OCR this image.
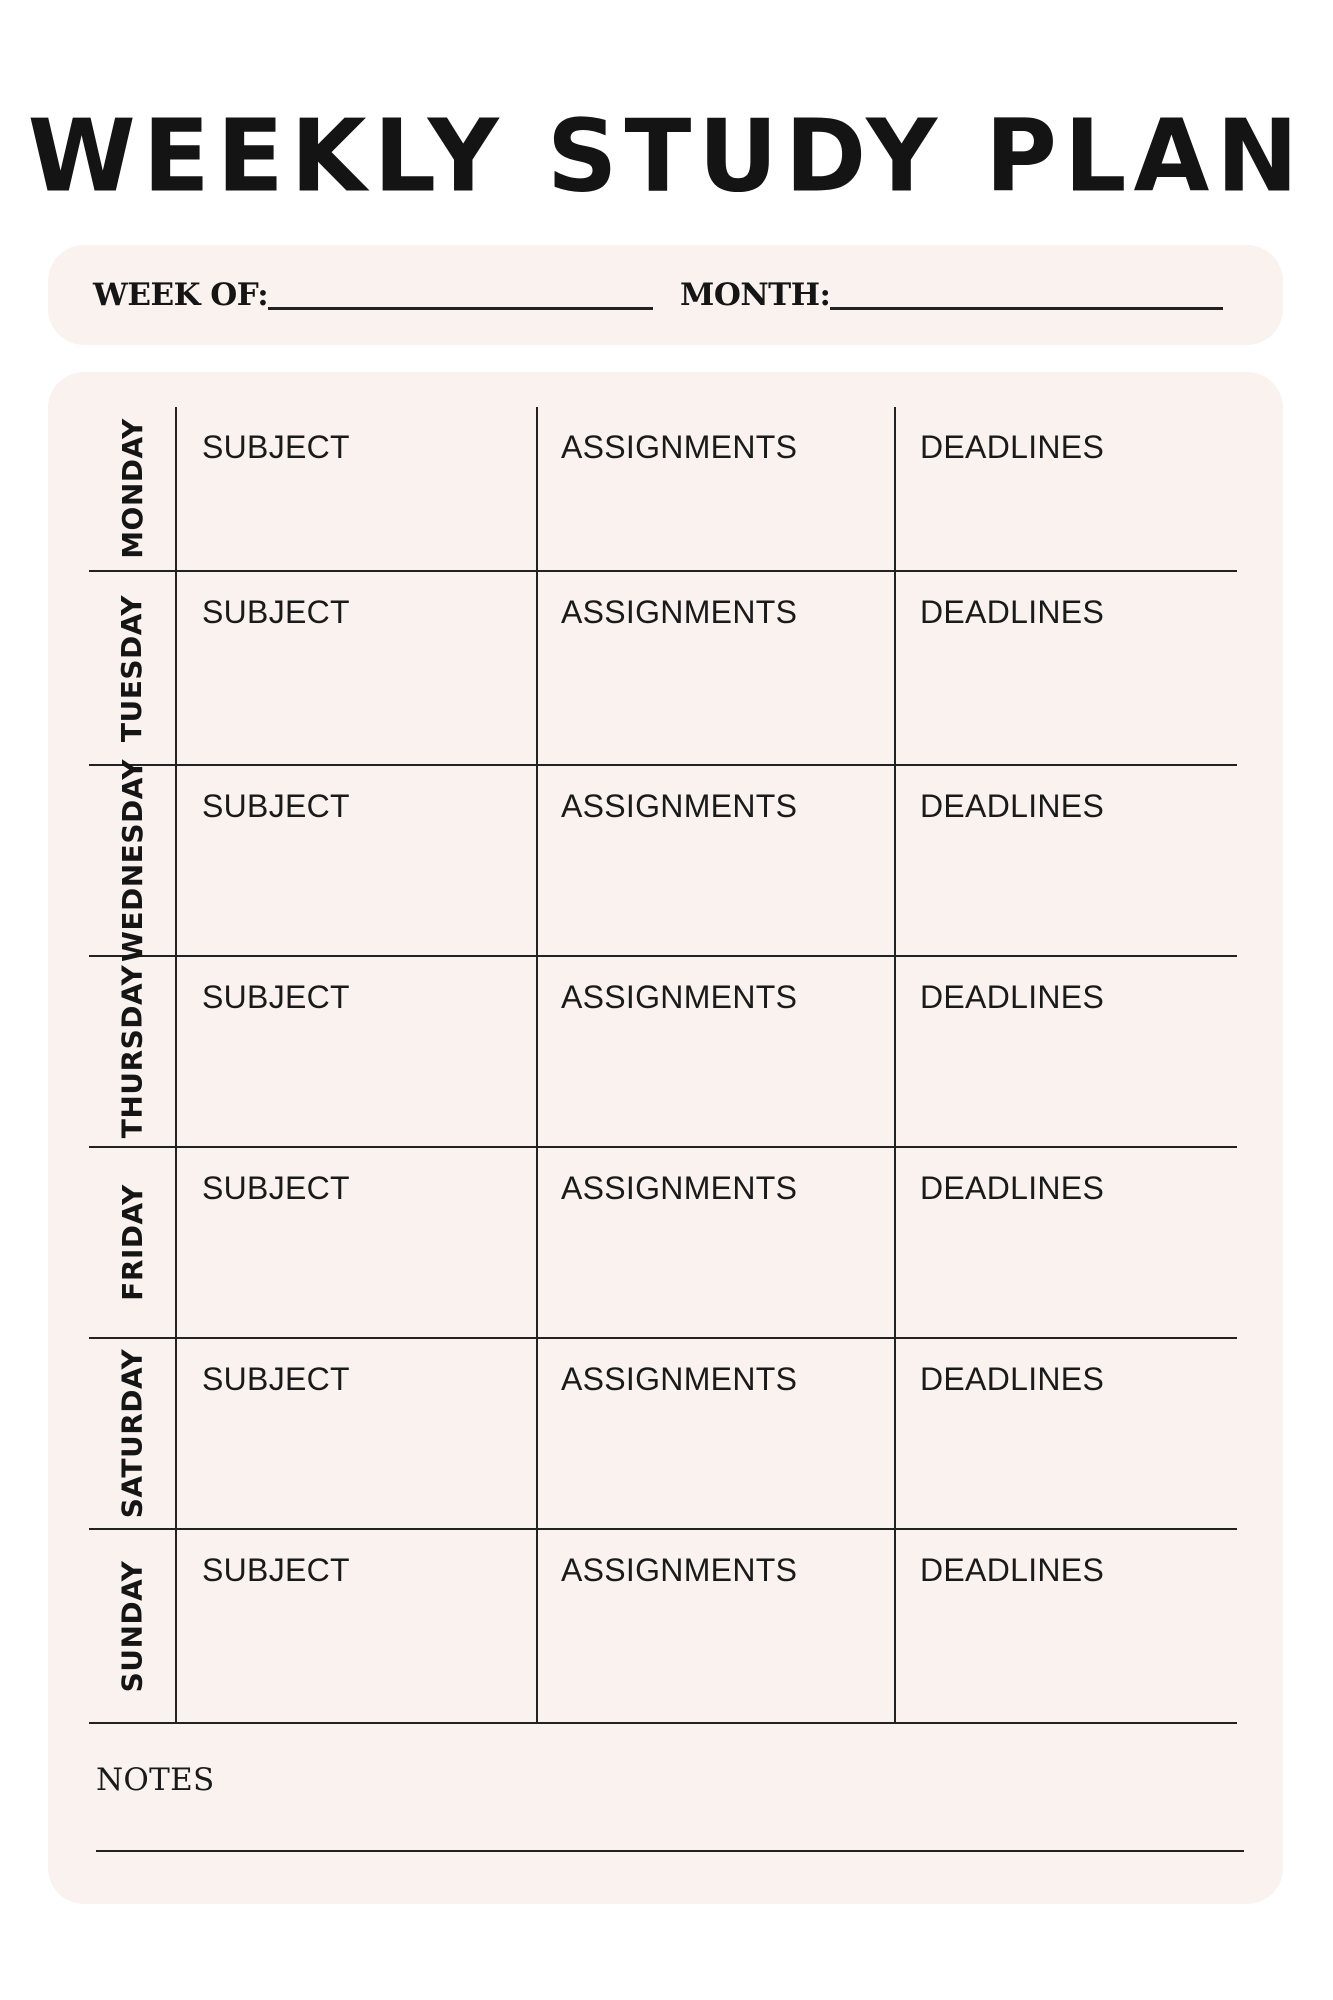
WEEKLY STUDY PLAN
WEEK OF:	MONTH:
MONDAY SUBJECT	ASSIGNMENTS	DEADLINES
TUESDAY SUBJECT	ASSIGNMENTS	DEADLINES
WEDNESDAY SUBJECT	ASSIGNMENTS	DEADLINES
THURSDAY SUBJECT	ASSIGNMENTS	DEADLINES
FRIDAY SUBJECT	ASSIGNMENTS	DEADLINES
SATURDAY SUBJECT	ASSIGNMENTS	DEADLINES
SUNDAY SUBJECT	ASSIGNMENTS	DEADLINES
NOTES
